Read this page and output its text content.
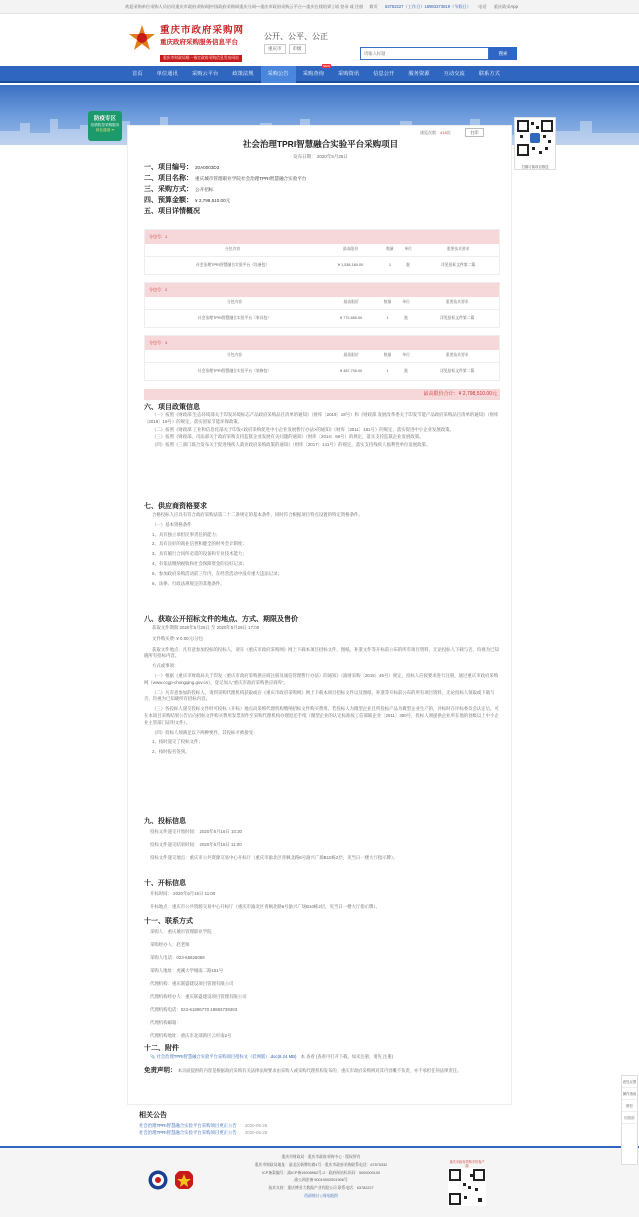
欢迎采购单位采购人员访问重庆市政府采购网|中国政府采购网重庆分网—重庆市政府采购云平台—重庆在线培训 | 请 登录 或 注册	简页 63782227（工作日）18983373819（节假日） 电话 重庆政采App
重庆市政府采购网
重庆政府采购服务信息平台
重庆市财政局唯一指定政府采购信息发布网站
公开、公平、公正
重庆市	市级
请输入标题	搜索
首页	单位通讯	采购云平台	政策法规	采购公告	采购查询
NEW
采购资讯	信息公开	服务资源	互动交流	联系方式
防疫专区
疫情防控采购服务
绿色通道 ➜
扫描订阅项目推送
浏览次数：418次	打印
社会治理TPRI智慧融合实验平台采购项目
发布日期： 2020年5月25日
一、项目编号： 20A0003D3
二、项目名称： 重庆城市管理职业学院社会治理TPRI智慧融合实验平台
三、采购方式： 公开招标
四、预算金额： ¥ 2,798,510.00元
五、项目详情概况
分包号：1
分包内容	最高限价	数量	单位	重要技术要求
社会治理TPRI智慧融合实验平台（设备包）	¥ 1,538,160.00	1	批	详见招标文件第二篇
分包号：2
分包内容	最高限价	数量	单位	重要技术要求
社会治理TPRI智慧融合实验平台（家具包）	¥ 772,650.00	1	批	详见招标文件第二篇
分包号：3
分包内容	最高限价	数量	单位	重要技术要求
社会治理TPRI智慧融合实验平台（装修包）	¥ 487,700.00	1	批	详见招标文件第二篇
最高限价合计：¥ 2,798,510.00元
六、项目政策信息

（一）按照《财政部 生态环境部关于印发环境标志产品政府采购品目清单的通知》（财库〔2019〕18号）和《财政部 发展改革委关于印发节能产品政府采购品目清单的通知》（财库〔2019〕19号）的规定，落实国家节能环保政策。

（二）按照《财政部 工业和信息化部关于印发<政府采购促进中小企业发展暂行办法>的通知》（财库〔2011〕181号）的规定，落实促进中小企业发展政策。

（三）按照《财政部、司法部关于政府采购支持监狱企业发展有关问题的通知》（财库〔2014〕68号）的规定，落实支持监狱企业发展政策。

（四）按照《三部门联合发布关于促进残疾人就业政府采购政策的通知》（财库〔2017〕141号）的规定，落实支持残疾人福利性单位发展政策。

七、供应商资格要求

合格投标人应具有符合政府采购法第二十二条规定的基本条件，同时符合根据项目特点设置的特定资格条件。

（一）基本资格条件

1、具有独立承担民事责任的能力；

2、具有良好的商业信誉和健全的财务会计制度；

3、具有履行合同所必需的设备和专业技术能力；

4、有依法缴纳税收和社会保障资金的良好记录；

5、参加政府采购活动前三年内，在经营活动中没有重大违法记录；

6、法律、行政法规规定的其他条件。

八、获取公开招标文件的地点、方式、期限及售价

获取文件期限:2020年5月25日 至 2020年5月29日 17:00

文件购买费: ¥ 0.00元/分包

获取文件地点：凡有意参加投标的投标人，请在《重庆市政府采购网》网上下载本项目招标文件、图纸、补遗文件等开标前公布的所有项目资料，无论投标人下载与否，均视为已知晓所有招标内容。

方式或事项：

（一）根据《重庆市财政局关于印发〈重庆市政府采购供应商注册及诚信管理暂行办法〉的通知》（渝财采购〔2015〕45号）规定，投标人应按要求进行注册，通过重庆市政府采购网（www.ccgp-chongqing.gov.cn），登记加入“重庆市政府采购供应商库”。

（二）凡有意参加的投标人，请到采购代理机构获取或在《重庆市政府采购网》网上下载本项目招标文件以及图纸、补遗等开标前公布的所有项目资料，无论投标人领取或下载与否，均视为已知晓所有招标内容。

（三）各投标人递交投标文件时可投标（开标）地点向采购代理机构缴纳招标文件购买费用。若投标人为微型企业且所投标产品为微型企业生产的，评标时在评标委员会认定后，可在本项目采购结果公告后向招标文件购买费用发票原件至采购代理机构办理退还手续（微型企业的认定标准按工信部联企业〔2011〕300号，投标人须提供企业所在地的县级以上中小企业主管部门证明文件）。

（四）投标人须满足以下两种要件，其投标才被接受：

1、按时递交了投标文件；

2、按时报名签到。

九、投标信息
投标文件递交开始时间： 2020年6月16日 10:30
投标文件递交结束时间： 2020年6月16日 11:00
投标文件递交地点：重庆市公共资源交易中心开标厅（重庆市渝北区青枫北路6号渝兴广场B10栋2层，见当日一楼大厅指示牌）。
十、开标信息
开标时间： 2020年6月16日 11:00
开标地点：重庆市公共资源交易中心开标厅（重庆市渝北区青枫北路6号渝兴广场B10栋2层，见当日一楼大厅指示牌）。
十一、联系方式
采购人：重庆城市管理职业学院
采购经办人：赵老师
采购人电话：023-65626068
采购人地址：虎溪大学城南二路151号
代理机构：重庆联盛建设项目管理有限公司
代理机构经办人：重庆联盛建设项目管理有限公司
代理机构电话：023-61896770 18983739383
代理机构邮箱：
代理机构地址：重庆市北部新区云杉南2号
十二、附件
📎 社会治理TPRI智慧融合实验平台采购项目招标文（挂网版）.doc(8.24 MB) 本 查看 (查看可打开下载，如未注册，请先 注册)
免责声明： 本页面提供的内容是根据政府采购有关法律法规要求由采购人或采购代理机构发布的，重庆市政府采购网对其内容概不负责，亦不承担任何法律责任。
相关公告
社会治理TPRI智慧融合实验平台采购项目更正公告 2020-05-25
社会治理TPRI智慧融合实验平台采购项目更正公告 2020-05-25
重庆市财政局 · 重庆市政府采购中心 · 版权所有
重庆市财政局地址：渝北区新牌坊路1号 · 重庆市政府采购联系电话：67575332
ICP备案编号：渝ICP备19008962号-2 · 政府网站标识码：5000000100
渝公网安备 50019002501906号
技术支持：重庆博亚大数据产业有限公司 联系电话：63782227
西部统计 | 网站地图
重庆市政府采购手机客户端
意见反馈
操作指南
微信
回顶部
